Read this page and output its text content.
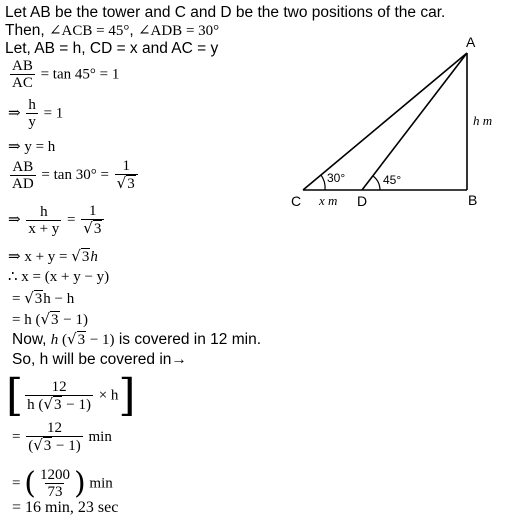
A
B
C	D
30°	45°
h m
x m
Let AB be the tower and C and D be the two positions of the car.
Then, ∠ACB = 45°, ∠ADB = 30°
Let, AB = h, CD = x and AC = y
$\frac{AB}{AC} = \tan 45^\circ = 1$
⇒ $\frac{h}{y} = 1$
⇒ y = h
$\frac{AB}{AD} = \tan 30^\circ = \frac{1}{√3}$
⇒ $\frac{h}{x + y} = \frac{1}{√3}$
⇒ x + y = √3h
∴ x = (x + y − y)
= √3h − h
= h (√3 − 1)
Now, h (√3 − 1) is covered in 12 min.
So, h will be covered in→
[ $\frac{12}{h (√3 - 1)} \times h$]
= $\frac{12}{(√3 - 1)}$ min
= ( $\frac{1200}{73}$ ) min
= 16 min, 23 sec
